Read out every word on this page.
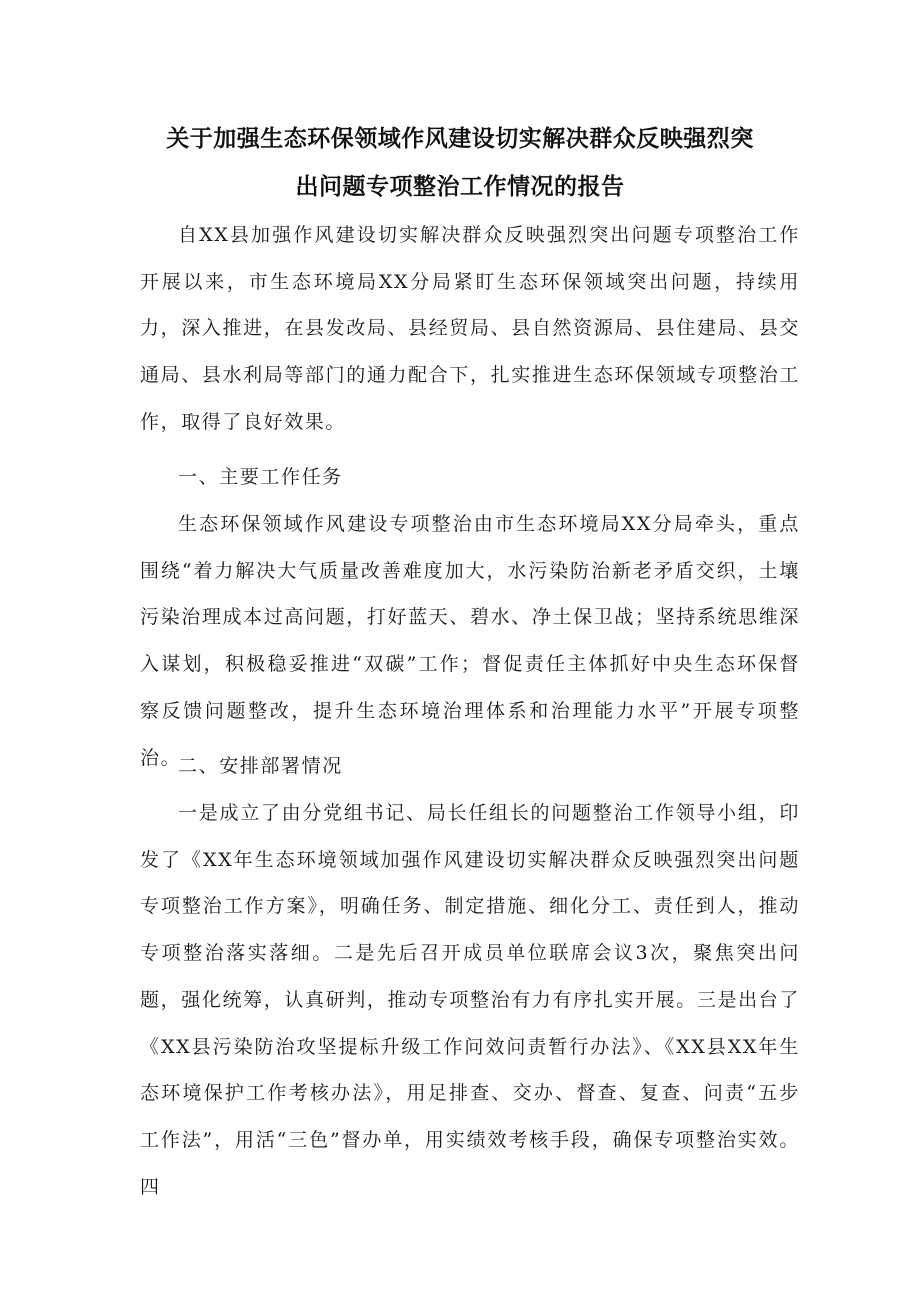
关于加强生态环保领域作风建设切实解决群众反映强烈突
出问题专项整治工作情况的报告

自XX县加强作风建设切实解决群众反映强烈突出问题专项整治工作开展以来，市生态环境局XX分局紧盯生态环保领域突出问题，持续用力，深入推进，在县发改局、县经贸局、县自然资源局、县住建局、县交通局、县水利局等部门的通力配合下，扎实推进生态环保领域专项整治工作，取得了良好效果。

一、主要工作任务

生态环保领域作风建设专项整治由市生态环境局XX分局牵头，重点围绕“着力解决大气质量改善难度加大，水污染防治新老矛盾交织，土壤污染治理成本过高问题，打好蓝天、碧水、净土保卫战；坚持系统思维深入谋划，积极稳妥推进“双碳”工作；督促责任主体抓好中央生态环保督察反馈问题整改，提升生态环境治理体系和治理能力水平”开展专项整治。

二、安排部署情况

一是成立了由分党组书记、局长任组长的问题整治工作领导小组，印发了《XX年生态环境领域加强作风建设切实解决群众反映强烈突出问题专项整治工作方案》，明确任务、制定措施、细化分工、责任到人，推动专项整治落实落细。二是先后召开成员单位联席会议3次，聚焦突出问题，强化统筹，认真研判，推动专项整治有力有序扎实开展。三是出台了《XX县污染防治攻坚提标升级工作问效问责暂行办法》、《XX县XX年生态环境保护工作考核办法》，用足排查、交办、督查、复查、问责“五步工作法”，用活“三色”督办单，用实绩效考核手段，确保专项整治实效。四
